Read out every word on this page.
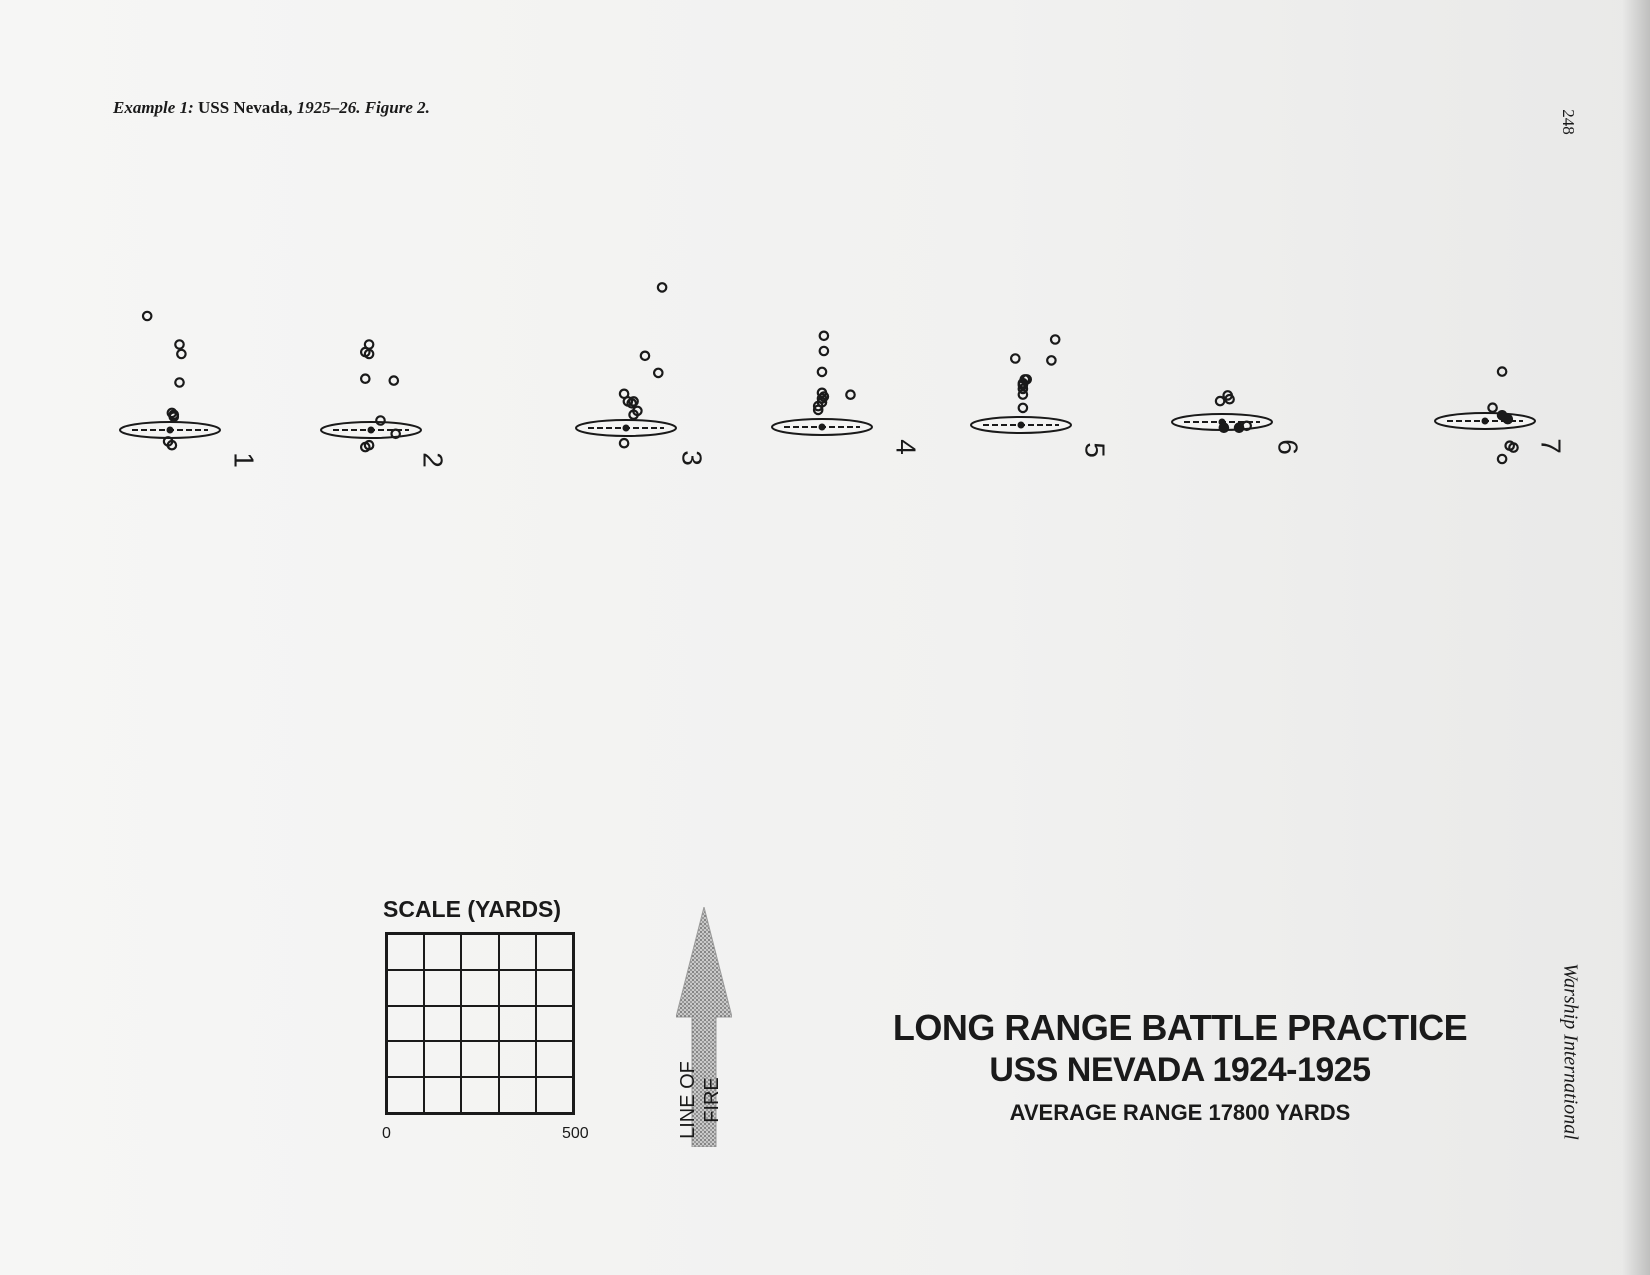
Example 1: USS Nevada, 1925–26. Figure 2.
248
Warship International
1	2	3
4	5	6	7
SCALE (YARDS)
0	500	LINE OF FIRE
LONG RANGE BATTLE PRACTICE
USS NEVADA 1924-1925
AVERAGE RANGE 17800 YARDS
